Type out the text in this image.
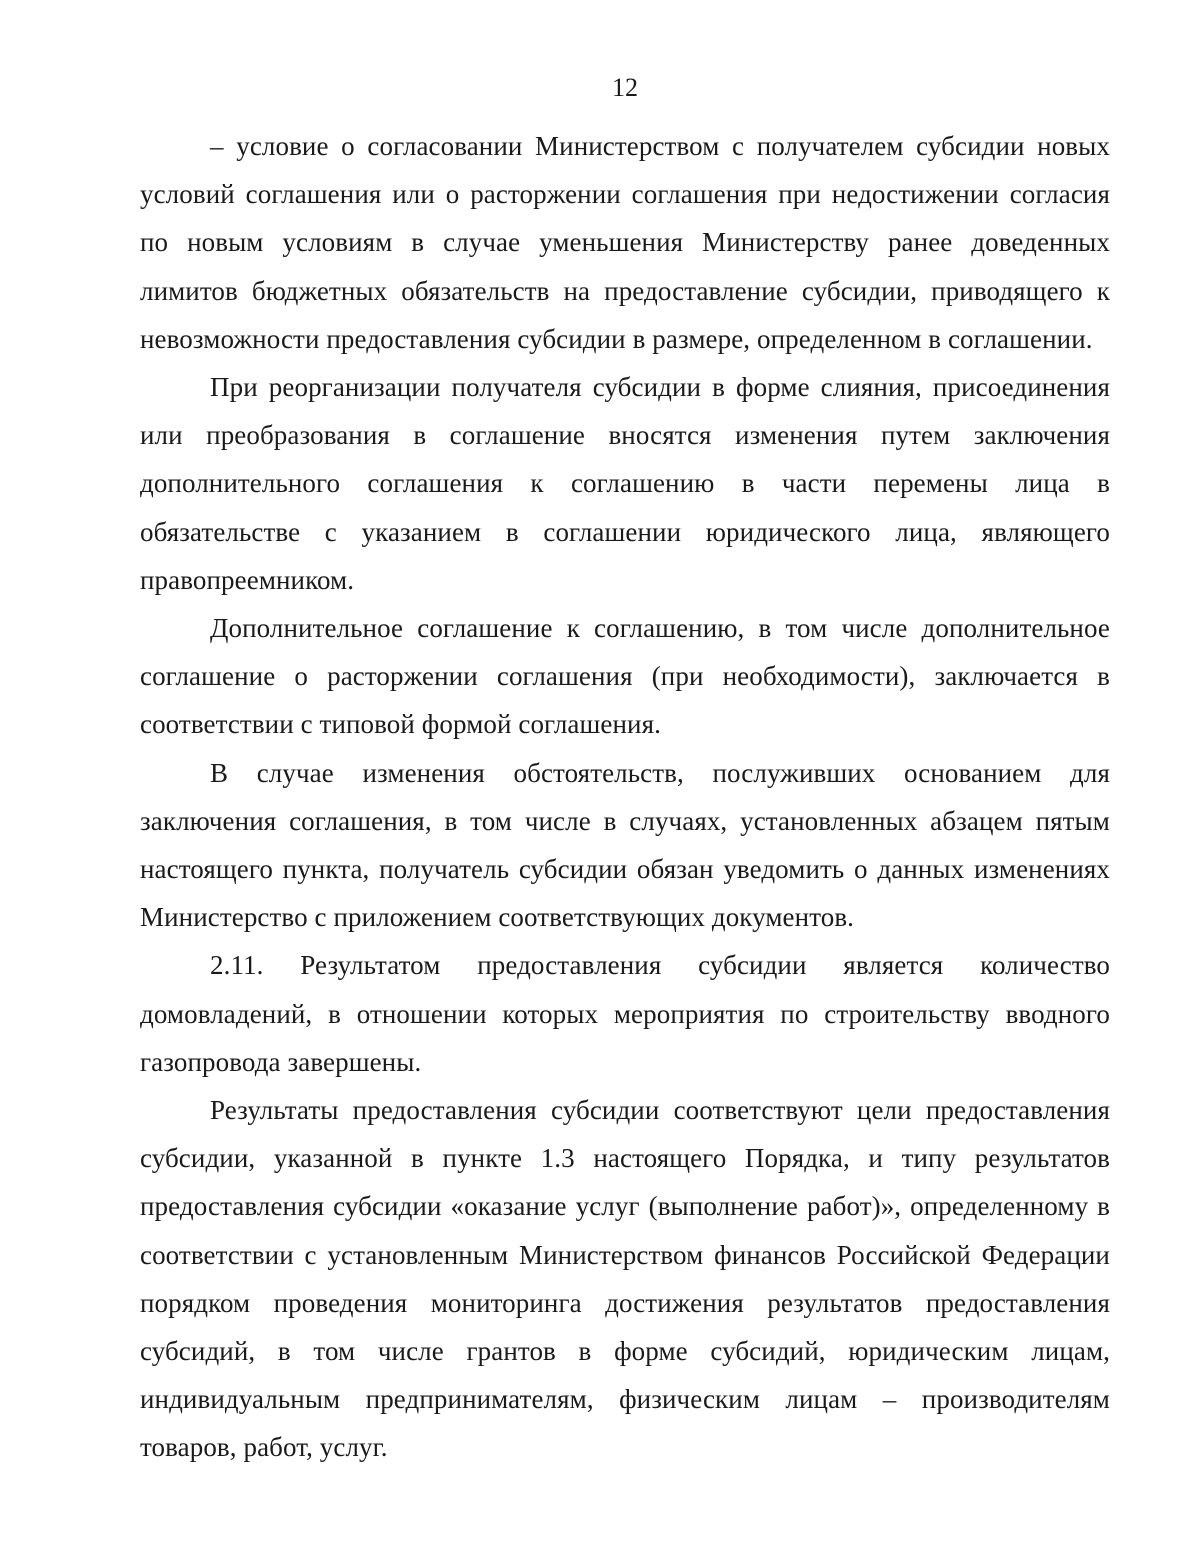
12

– условие о согласовании Министерством с получателем субсидии новых условий соглашения или о расторжении соглашения при недостижении согласия по новым условиям в случае уменьшения Министерству ранее доведенных лимитов бюджетных обязательств на предоставление субсидии, приводящего к невозможности предоставления субсидии в размере, определенном в соглашении.

При реорганизации получателя субсидии в форме слияния, присоединения или преобразования в соглашение вносятся изменения путем заключения дополнительного соглашения к соглашению в части перемены лица в обязательстве с указанием в соглашении юридического лица, являющего правопреемником.

Дополнительное соглашение к соглашению, в том числе дополнительное соглашение о расторжении соглашения (при необходимости), заключается в соответствии с типовой формой соглашения.

В случае изменения обстоятельств, послуживших основанием для заключения соглашения, в том числе в случаях, установленных абзацем пятым настоящего пункта, получатель субсидии обязан уведомить о данных изменениях Министерство с приложением соответствующих документов.

2.11. Результатом предоставления субсидии является количество домовладений, в отношении которых мероприятия по строительству вводного газопровода завершены.

Результаты предоставления субсидии соответствуют цели предоставления субсидии, указанной в пункте 1.3 настоящего Порядка, и типу результатов предоставления субсидии «оказание услуг (выполнение работ)», определенному в соответствии с установленным Министерством финансов Российской Федерации порядком проведения мониторинга достижения результатов предоставления субсидий, в том числе грантов в форме субсидий, юридическим лицам, индивидуальным предпринимателям, физическим лицам – производителям товаров, работ, услуг.
